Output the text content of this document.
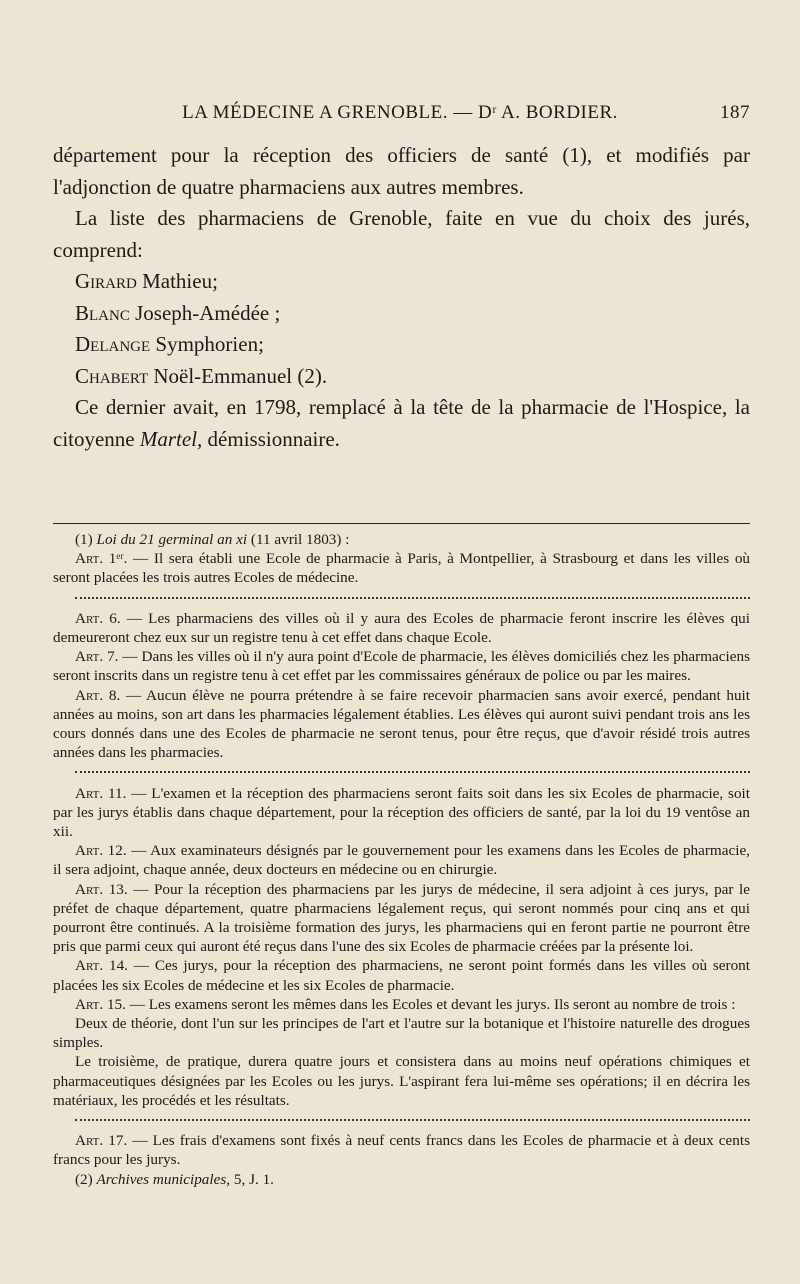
LA MÉDECINE A GRENOBLE. — Dʳ A. BORDIER.	187

département pour la réception des officiers de santé (1), et modifiés par l'adjonction de quatre pharmaciens aux autres membres.

La liste des pharmaciens de Grenoble, faite en vue du choix des jurés, comprend:

Girard Mathieu;
Blanc Joseph-Amédée ;
Delange Symphorien;
Chabert Noël-Emmanuel (2).

Ce dernier avait, en 1798, remplacé à la tête de la pharmacie de l'Hospice, la citoyenne Martel, démissionnaire.

(1) Loi du 21 germinal an xi (11 avril 1803) :

Art. 1ᵉʳ. — Il sera établi une Ecole de pharmacie à Paris, à Montpellier, à Strasbourg et dans les villes où seront placées les trois autres Ecoles de médecine.

Art. 6. — Les pharmaciens des villes où il y aura des Ecoles de pharmacie feront inscrire les élèves qui demeureront chez eux sur un registre tenu à cet effet dans chaque Ecole.

Art. 7. — Dans les villes où il n'y aura point d'Ecole de pharmacie, les élèves domiciliés chez les pharmaciens seront inscrits dans un registre tenu à cet effet par les commissaires généraux de police ou par les maires.

Art. 8. — Aucun élève ne pourra prétendre à se faire recevoir pharmacien sans avoir exercé, pendant huit années au moins, son art dans les pharmacies légalement établies. Les élèves qui auront suivi pendant trois ans les cours donnés dans une des Ecoles de pharmacie ne seront tenus, pour être reçus, que d'avoir résidé trois autres années dans les pharmacies.

Art. 11. — L'examen et la réception des pharmaciens seront faits soit dans les six Ecoles de pharmacie, soit par les jurys établis dans chaque département, pour la réception des officiers de santé, par la loi du 19 ventôse an xii.

Art. 12. — Aux examinateurs désignés par le gouvernement pour les examens dans les Ecoles de pharmacie, il sera adjoint, chaque année, deux docteurs en médecine ou en chirurgie.

Art. 13. — Pour la réception des pharmaciens par les jurys de médecine, il sera adjoint à ces jurys, par le préfet de chaque département, quatre pharmaciens légalement reçus, qui seront nommés pour cinq ans et qui pourront être continués. A la troisième formation des jurys, les pharmaciens qui en feront partie ne pourront être pris que parmi ceux qui auront été reçus dans l'une des six Ecoles de pharmacie créées par la présente loi.

Art. 14. — Ces jurys, pour la réception des pharmaciens, ne seront point formés dans les villes où seront placées les six Ecoles de médecine et les six Ecoles de pharmacie.

Art. 15. — Les examens seront les mêmes dans les Ecoles et devant les jurys. Ils seront au nombre de trois :

Deux de théorie, dont l'un sur les principes de l'art et l'autre sur la botanique et l'histoire naturelle des drogues simples.

Le troisième, de pratique, durera quatre jours et consistera dans au moins neuf opérations chimiques et pharmaceutiques désignées par les Ecoles ou les jurys. L'aspirant fera lui-même ses opérations; il en décrira les matériaux, les procédés et les résultats.

Art. 17. — Les frais d'examens sont fixés à neuf cents francs dans les Ecoles de pharmacie et à deux cents francs pour les jurys.

(2) Archives municipales, 5, J. 1.
